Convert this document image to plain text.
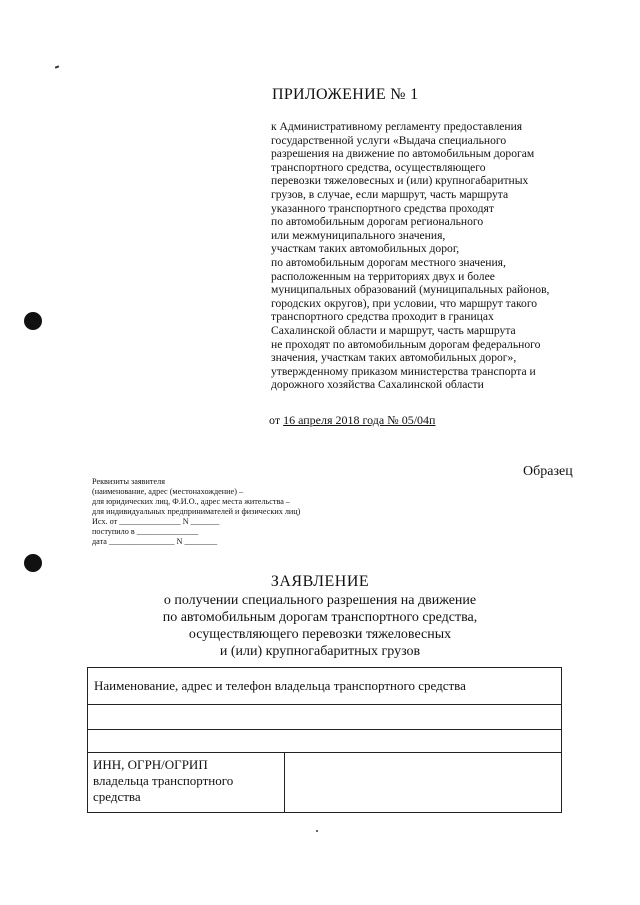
ПРИЛОЖЕНИЕ № 1
к Административному регламенту предоставления
государственной услуги «Выдача специального
разрешения на движение по автомобильным дорогам
транспортного средства, осуществляющего
перевозки тяжеловесных и (или) крупногабаритных
грузов, в случае, если маршрут, часть маршрута
указанного транспортного средства проходят
по автомобильным дорогам регионального
или межмуниципального значения,
участкам таких автомобильных дорог,
по автомобильным дорогам местного значения,
расположенным на территориях двух и более
муниципальных образований (муниципальных районов,
городских округов), при условии, что маршрут такого
транспортного средства проходит в границах
Сахалинской области и маршрут, часть маршрута
не проходят по автомобильным дорогам федерального
значения, участкам таких автомобильных дорог»,
утвержденному приказом министерства транспорта и
дорожного хозяйства Сахалинской области
от 16 апреля 2018 года № 05/04п
Образец
Реквизиты заявителя
(наименование, адрес (местонахождение) –
для юридических лиц, Ф.И.О., адрес места жительства –
для индивидуальных предпринимателей и физических лиц)
Исх. от _______________ N _______
поступило в _______________
дата ________________ N ________
ЗАЯВЛЕНИЕ
о получении специального разрешения на движение
по автомобильным дорогам транспортного средства,
осуществляющего перевозки тяжеловесных
и (или) крупногабаритных грузов
Наименование, адрес и телефон владельца транспортного средства
ИНН, ОГРН/ОГРИП
владельца транспортного
средства
